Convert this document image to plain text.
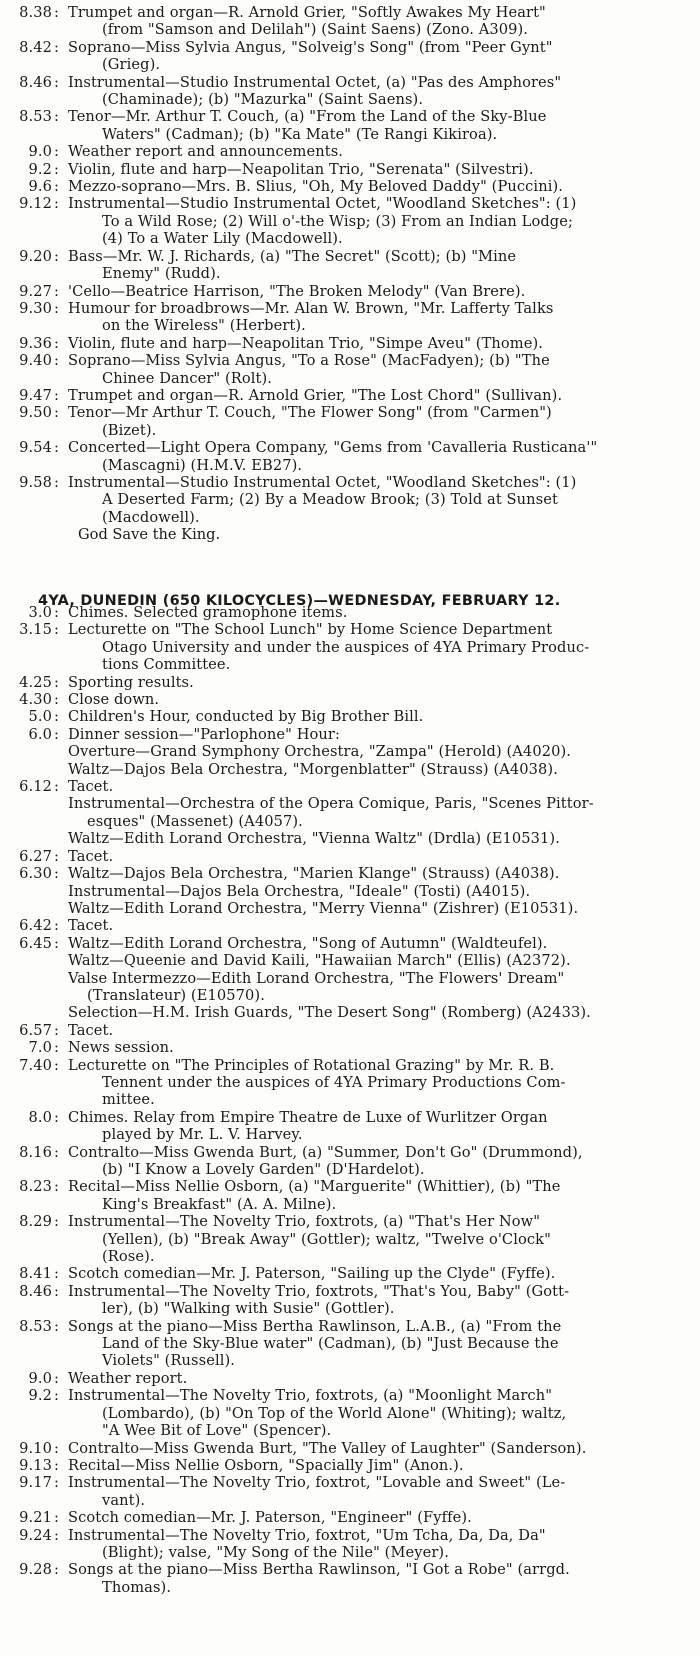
8.38 : Trumpet and organ—R. Arnold Grier, "Softly Awakes My Heart"
(from "Samson and Delilah") (Saint Saens) (Zono. A309).
8.42 : Soprano—Miss Sylvia Angus, "Solveig's Song" (from "Peer Gynt"
(Grieg).
8.46 : Instrumental—Studio Instrumental Octet, (a) "Pas des Amphores"
(Chaminade); (b) "Mazurka" (Saint Saens).
8.53 : Tenor—Mr. Arthur T. Couch, (a) "From the Land of the Sky-Blue
Waters" (Cadman); (b) "Ka Mate" (Te Rangi Kikiroa).
9.0 : Weather report and announcements.
9.2 : Violin, flute and harp—Neapolitan Trio, "Serenata" (Silvestri).
9.6 : Mezzo-soprano—Mrs. B. Slius, "Oh, My Beloved Daddy" (Puccini).
9.12 : Instrumental—Studio Instrumental Octet, "Woodland Sketches": (1)
To a Wild Rose; (2) Will o'-the Wisp; (3) From an Indian Lodge;
(4) To a Water Lily (Macdowell).
9.20 : Bass—Mr. W. J. Richards, (a) "The Secret" (Scott); (b) "Mine
Enemy" (Rudd).
9.27 : 'Cello—Beatrice Harrison, "The Broken Melody" (Van Brere).
9.30 : Humour for broadbrows—Mr. Alan W. Brown, "Mr. Lafferty Talks
on the Wireless" (Herbert).
9.36 : Violin, flute and harp—Neapolitan Trio, "Simpe Aveu" (Thome).
9.40 : Soprano—Miss Sylvia Angus, "To a Rose" (MacFadyen); (b) "The
Chinee Dancer" (Rolt).
9.47 : Trumpet and organ—R. Arnold Grier, "The Lost Chord" (Sullivan).
9.50 : Tenor—Mr Arthur T. Couch, "The Flower Song" (from "Carmen")
(Bizet).
9.54 : Concerted—Light Opera Company, "Gems from 'Cavalleria Rusticana'"
(Mascagni) (H.M.V. EB27).
9.58 : Instrumental—Studio Instrumental Octet, "Woodland Sketches": (1)
A Deserted Farm; (2) By a Meadow Brook; (3) Told at Sunset
(Macdowell).
God Save the King.
4YA, DUNEDIN (650 KILOCYCLES)—WEDNESDAY, FEBRUARY 12.
3.0 : Chimes. Selected gramophone items.
3.15 : Lecturette on "The School Lunch" by Home Science Department
Otago University and under the auspices of 4YA Primary Produc-
tions Committee.
4.25 : Sporting results.
4.30 : Close down.
5.0 : Children's Hour, conducted by Big Brother Bill.
6.0 : Dinner session—"Parlophone" Hour:
Overture—Grand Symphony Orchestra, "Zampa" (Herold) (A4020).
Waltz—Dajos Bela Orchestra, "Morgenblatter" (Strauss) (A4038).
6.12 : Tacet.
Instrumental—Orchestra of the Opera Comique, Paris, "Scenes Pittor-
esques" (Massenet) (A4057).
Waltz—Edith Lorand Orchestra, "Vienna Waltz" (Drdla) (E10531).
6.27 : Tacet.
6.30 : Waltz—Dajos Bela Orchestra, "Marien Klange" (Strauss) (A4038).
Instrumental—Dajos Bela Orchestra, "Ideale" (Tosti) (A4015).
Waltz—Edith Lorand Orchestra, "Merry Vienna" (Zishrer) (E10531).
6.42 : Tacet.
6.45 : Waltz—Edith Lorand Orchestra, "Song of Autumn" (Waldteufel).
Waltz—Queenie and David Kaili, "Hawaiian March" (Ellis) (A2372).
Valse Intermezzo—Edith Lorand Orchestra, "The Flowers' Dream"
(Translateur) (E10570).
Selection—H.M. Irish Guards, "The Desert Song" (Romberg) (A2433).
6.57 : Tacet.
7.0 : News session.
7.40 : Lecturette on "The Principles of Rotational Grazing" by Mr. R. B.
Tennent under the auspices of 4YA Primary Productions Com-
mittee.
8.0 : Chimes. Relay from Empire Theatre de Luxe of Wurlitzer Organ
played by Mr. L. V. Harvey.
8.16 : Contralto—Miss Gwenda Burt, (a) "Summer, Don't Go" (Drummond),
(b) "I Know a Lovely Garden" (D'Hardelot).
8.23 : Recital—Miss Nellie Osborn, (a) "Marguerite" (Whittier), (b) "The
King's Breakfast" (A. A. Milne).
8.29 : Instrumental—The Novelty Trio, foxtrots, (a) "That's Her Now"
(Yellen), (b) "Break Away" (Gottler); waltz, "Twelve o'Clock"
(Rose).
8.41 : Scotch comedian—Mr. J. Paterson, "Sailing up the Clyde" (Fyffe).
8.46 : Instrumental—The Novelty Trio, foxtrots, "That's You, Baby" (Gott-
ler), (b) "Walking with Susie" (Gottler).
8.53 : Songs at the piano—Miss Bertha Rawlinson, L.A.B., (a) "From the
Land of the Sky-Blue water" (Cadman), (b) "Just Because the
Violets" (Russell).
9.0 : Weather report.
9.2 : Instrumental—The Novelty Trio, foxtrots, (a) "Moonlight March"
(Lombardo), (b) "On Top of the World Alone" (Whiting); waltz,
"A Wee Bit of Love" (Spencer).
9.10 : Contralto—Miss Gwenda Burt, "The Valley of Laughter" (Sanderson).
9.13 : Recital—Miss Nellie Osborn, "Spacially Jim" (Anon.).
9.17 : Instrumental—The Novelty Trio, foxtrot, "Lovable and Sweet" (Le-
vant).
9.21 : Scotch comedian—Mr. J. Paterson, "Engineer" (Fyffe).
9.24 : Instrumental—The Novelty Trio, foxtrot, "Um Tcha, Da, Da, Da"
(Blight); valse, "My Song of the Nile" (Meyer).
9.28 : Songs at the piano—Miss Bertha Rawlinson, "I Got a Robe" (arrgd.
Thomas).
